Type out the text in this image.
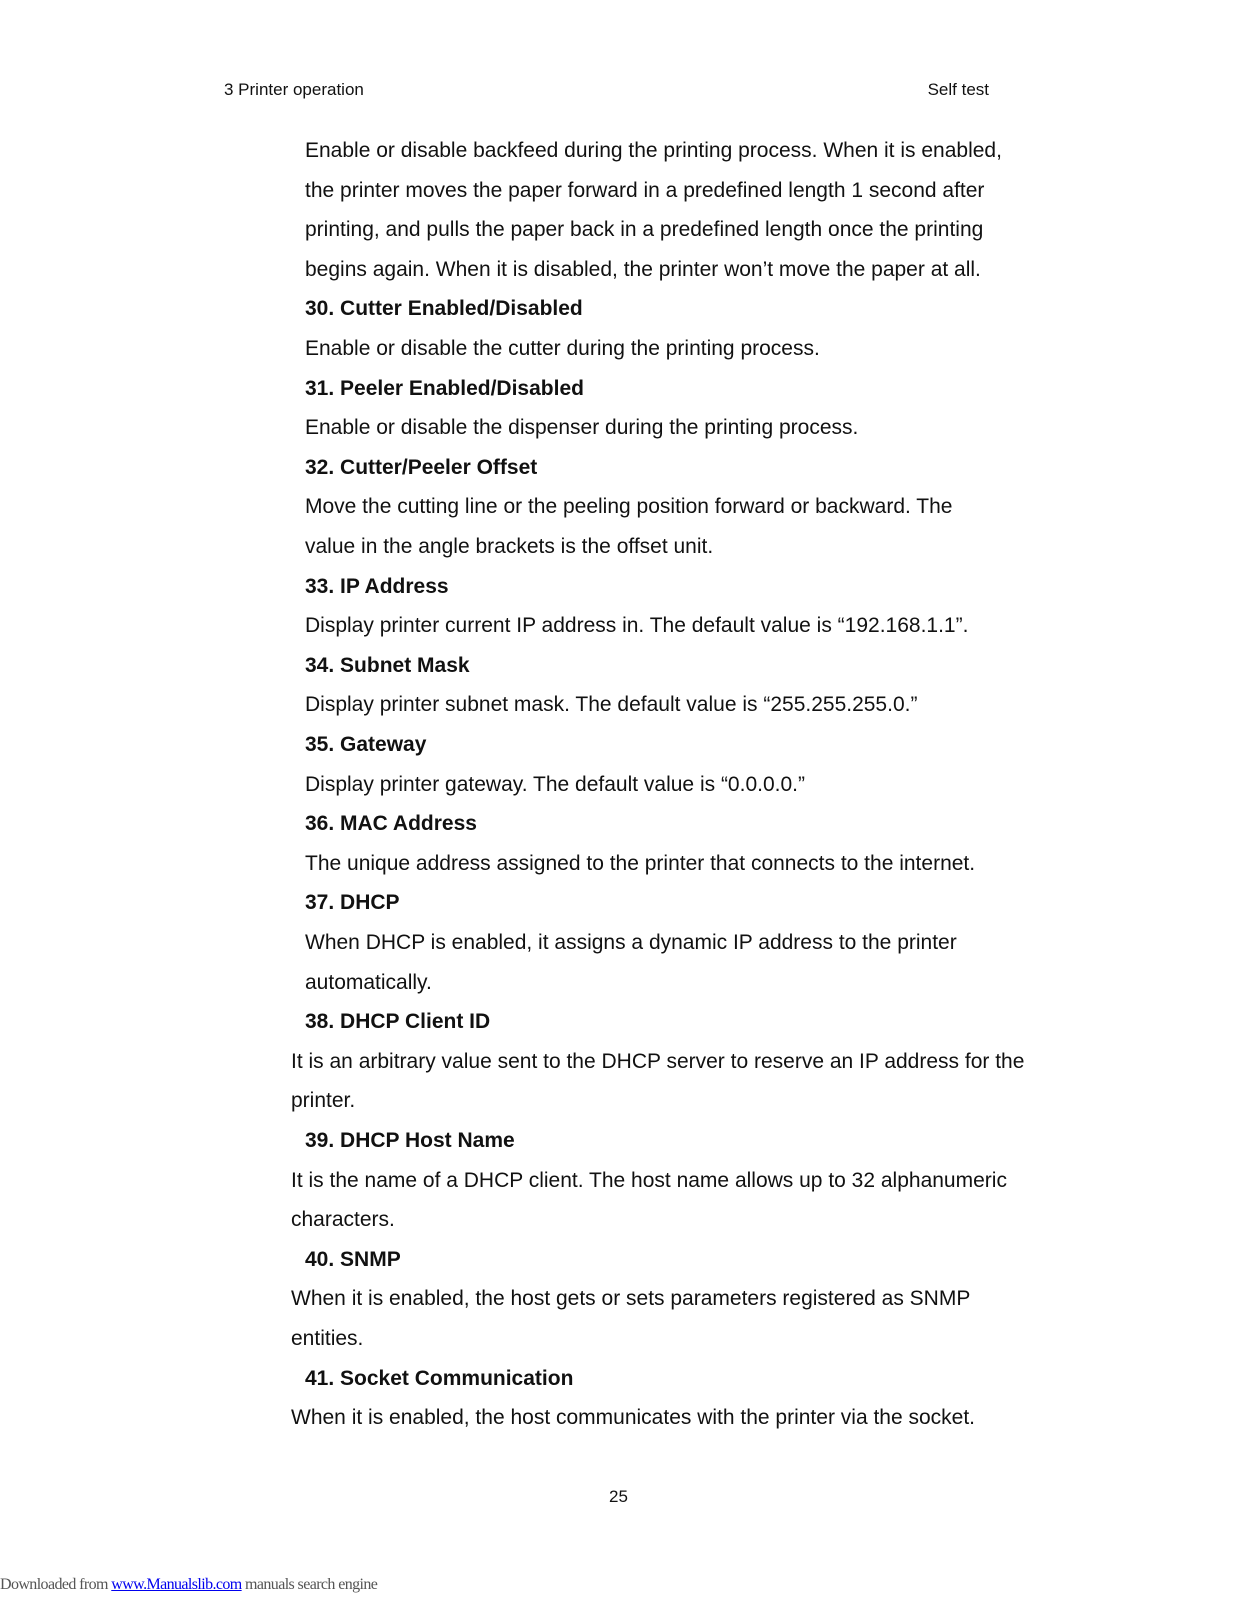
3 Printer operation	Self test
Enable or disable backfeed during the printing process. When it is enabled,
the printer moves the paper forward in a predefined length 1 second after
printing, and pulls the paper back in a predefined length once the printing
begins again. When it is disabled, the printer won’t move the paper at all.
30. Cutter Enabled/Disabled
Enable or disable the cutter during the printing process.
31. Peeler Enabled/Disabled
Enable or disable the dispenser during the printing process.
32. Cutter/Peeler Offset
Move the cutting line or the peeling position forward or backward. The
value in the angle brackets is the offset unit.
33. IP Address
Display printer current IP address in. The default value is “192.168.1.1”.
34. Subnet Mask
Display printer subnet mask. The default value is “255.255.255.0.”
35. Gateway
Display printer gateway. The default value is “0.0.0.0.”
36. MAC Address
The unique address assigned to the printer that connects to the internet.
37. DHCP
When DHCP is enabled, it assigns a dynamic IP address to the printer
automatically.
38. DHCP Client ID
It is an arbitrary value sent to the DHCP server to reserve an IP address for the
printer.
39. DHCP Host Name
It is the name of a DHCP client. The host name allows up to 32 alphanumeric
characters.
40. SNMP
When it is enabled, the host gets or sets parameters registered as SNMP
entities.
41. Socket Communication
When it is enabled, the host communicates with the printer via the socket.
25
Downloaded from www.Manualslib.com manuals search engine
